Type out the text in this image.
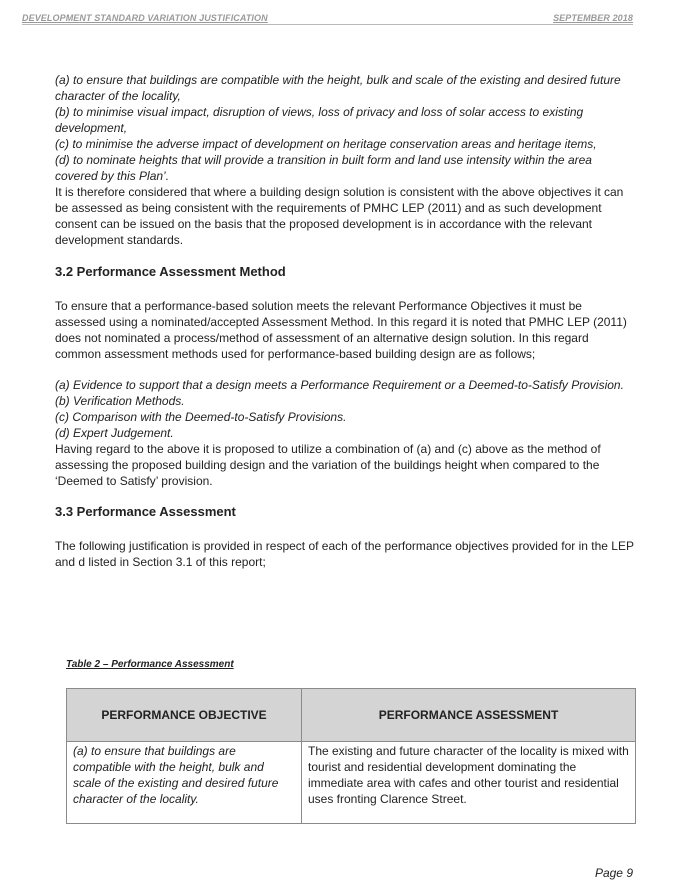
DEVELOPMENT STANDARD VARIATION JUSTIFICATION	SEPTEMBER 2018

(a) to ensure that buildings are compatible with the height, bulk and scale of the existing and desired future character of the locality,

(b) to minimise visual impact, disruption of views, loss of privacy and loss of solar access to existing development,

(c) to minimise the adverse impact of development on heritage conservation areas and heritage items,

(d) to nominate heights that will provide a transition in built form and land use intensity within the area covered by this Plan’.

It is therefore considered that where a building design solution is consistent with the above objectives it can be assessed as being consistent with the requirements of PMHC LEP (2011) and as such development consent can be issued on the basis that the proposed development is in accordance with the relevant development standards.

3.2 Performance Assessment Method

To ensure that a performance-based solution meets the relevant Performance Objectives it must be assessed using a nominated/accepted Assessment Method. In this regard it is noted that PMHC LEP (2011) does not nominated a process/method of assessment of an alternative design solution. In this regard common assessment methods used for performance-based building design are as follows;

(a) Evidence to support that a design meets a Performance Requirement or a Deemed-to-Satisfy Provision.

(b) Verification Methods.

(c) Comparison with the Deemed-to-Satisfy Provisions.

(d) Expert Judgement.

Having regard to the above it is proposed to utilize a combination of (a) and (c) above as the method of assessing the proposed building design and the variation of the buildings height when compared to the ‘Deemed to Satisfy’ provision.

3.3 Performance Assessment

The following justification is provided in respect of each of the performance objectives provided for in the LEP and d listed in Section 3.1 of this report;

Table 2 – Performance Assessment
PERFORMANCE OBJECTIVE	PERFORMANCE ASSESSMENT
(a) to ensure that buildings are compatible with the height, bulk and scale of the existing and desired future character of the locality.	The existing and future character of the locality is mixed with tourist and residential development dominating the immediate area with cafes and other tourist and residential uses fronting Clarence Street.
Page 9
